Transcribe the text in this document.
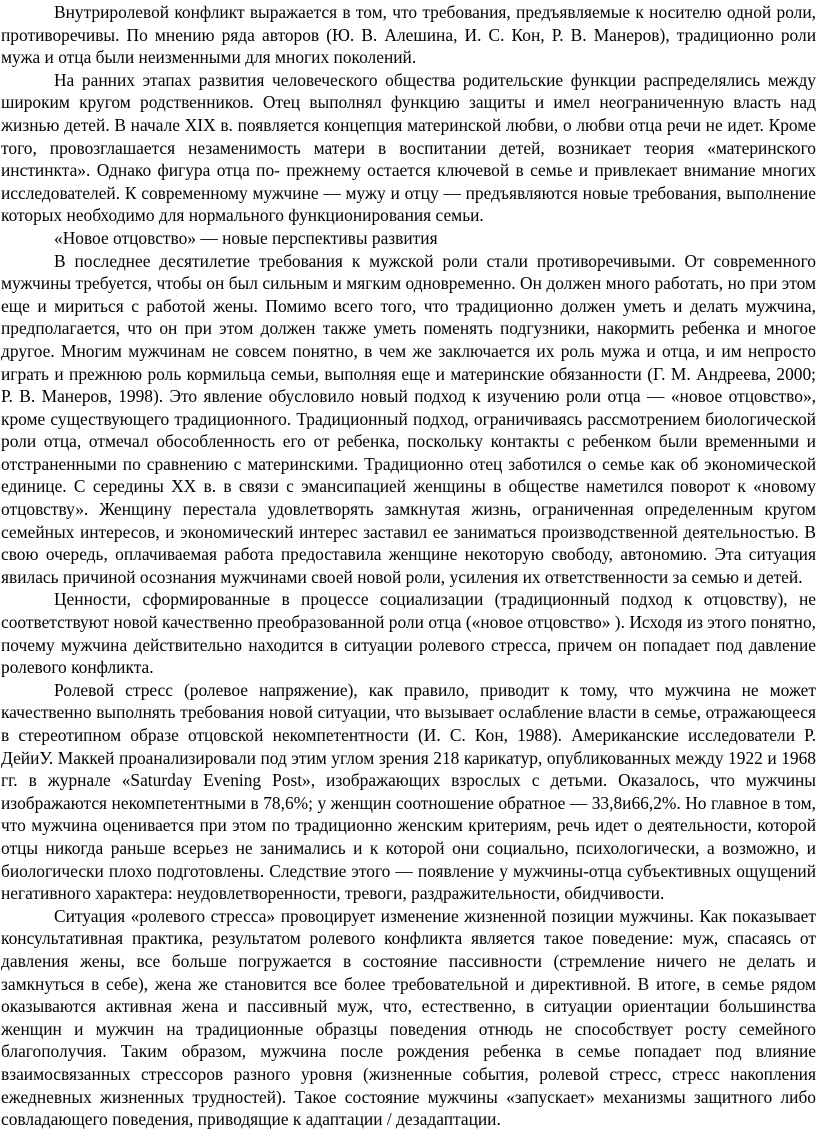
Внутриролевой конфликт выражается в том, что требования, предъявляемые к носителю одной роли, противоречивы. По мнению ряда авторов (Ю. В. Алешина, И. С. Кон, Р. В. Манеров), традиционно роли мужа и отца были неизменными для многих поколений.

На ранних этапах развития человеческого общества родительские функции распределялись между широким кругом родственников. Отец выполнял функцию защиты и имел неограниченную власть над жизнью детей. В начале XIX в. появляется концепция материнской любви, о любви отца речи не идет. Кроме того, провозглашается незаменимость матери в воспитании детей, возникает теория «материнского инстинкта». Однако фигура отца по- прежнему остается ключевой в семье и привлекает внимание многих исследователей. К современному мужчине — мужу и отцу — предъявляются новые требования, выполнение которых необходимо для нормального функционирования семьи.

«Новое отцовство» — новые перспективы развития

В последнее десятилетие требования к мужской роли стали противоречивыми. От современного мужчины требуется, чтобы он был сильным и мягким одновременно. Он должен много работать, но при этом еще и мириться с работой жены. Помимо всего того, что традиционно должен уметь и делать мужчина, предполагается, что он при этом должен также уметь поменять подгузники, накормить ребенка и многое другое. Многим мужчинам не совсем понятно, в чем же заключается их роль мужа и отца, и им непросто играть и прежнюю роль кормильца семьи, выполняя еще и материнские обязанности (Г. М. Андреева, 2000; Р. В. Манеров, 1998). Это явление обусловило новый подход к изучению роли отца — «новое отцовство», кроме существующего традиционного. Традиционный подход, ограничиваясь рассмотрением биологической роли отца, отмечал обособленность его от ребенка, поскольку контакты с ребенком были временными и отстраненными по сравнению с материнскими. Традиционно отец заботился о семье как об экономической единице. С середины XX в. в связи с эмансипацией женщины в обществе наметился поворот к «новому отцовству». Женщину перестала удовлетворять замкнутая жизнь, ограниченная определенным кругом семейных интересов, и экономический интерес заставил ее заниматься производственной деятельностью. В свою очередь, оплачиваемая работа предоставила женщине некоторую свободу, автономию. Эта ситуация явилась причиной осознания мужчинами своей новой роли, усиления их ответственности за семью и детей.

Ценности, сформированные в процессе социализации (традиционный подход к отцовству), не соответствуют новой качественно преобразованной роли отца («новое отцовство» ). Исходя из этого понятно, почему мужчина действительно находится в ситуации ролевого стресса, причем он попадает под давление ролевого конфликта.

Ролевой стресс (ролевое напряжение), как правило, приводит к тому, что мужчина не может качественно выполнять требования новой ситуации, что вызывает ослабление власти в семье, отражающееся в стереотипном образе отцовской некомпетентности (И. С. Кон, 1988). Американские исследователи Р. ДейиУ. Маккей проанализировали под этим углом зрения 218 карикатур, опубликованных между 1922 и 1968 гг. в журнале «Saturday Evening Post», изображающих взрослых с детьми. Оказалось, что мужчины изображаются некомпетентными в 78,6%; у женщин соотношение обратное — 33,8и66,2%. Но главное в том, что мужчина оценивается при этом по традиционно женским критериям, речь идет о деятельности, которой отцы никогда раньше всерьез не занимались и к которой они социально, психологически, а возможно, и биологически плохо подготовлены. Следствие этого — появление у мужчины-отца субъективных ощущений негативного характера: неудовлетворенности, тревоги, раздражительности, обидчивости.

Ситуация «ролевого стресса» провоцирует изменение жизненной позиции мужчины. Как показывает консультативная практика, результатом ролевого конфликта является такое поведение: муж, спасаясь от давления жены, все больше погружается в состояние пассивности (стремление ничего не делать и замкнуться в себе), жена же становится все более требовательной и директивной. В итоге, в семье рядом оказываются активная жена и пассивный муж, что, естественно, в ситуации ориентации большинства женщин и мужчин на традиционные образцы поведения отнюдь не способствует росту семейного благополучия. Таким образом, мужчина после рождения ребенка в семье попадает под влияние взаимосвязанных стрессоров разного уровня (жизненные события, ролевой стресс, стресс накопления ежедневных жизненных трудностей). Такое состояние мужчины «запускает» механизмы защитного либо совладающего поведения, приводящие к адаптации / дезадаптации.
